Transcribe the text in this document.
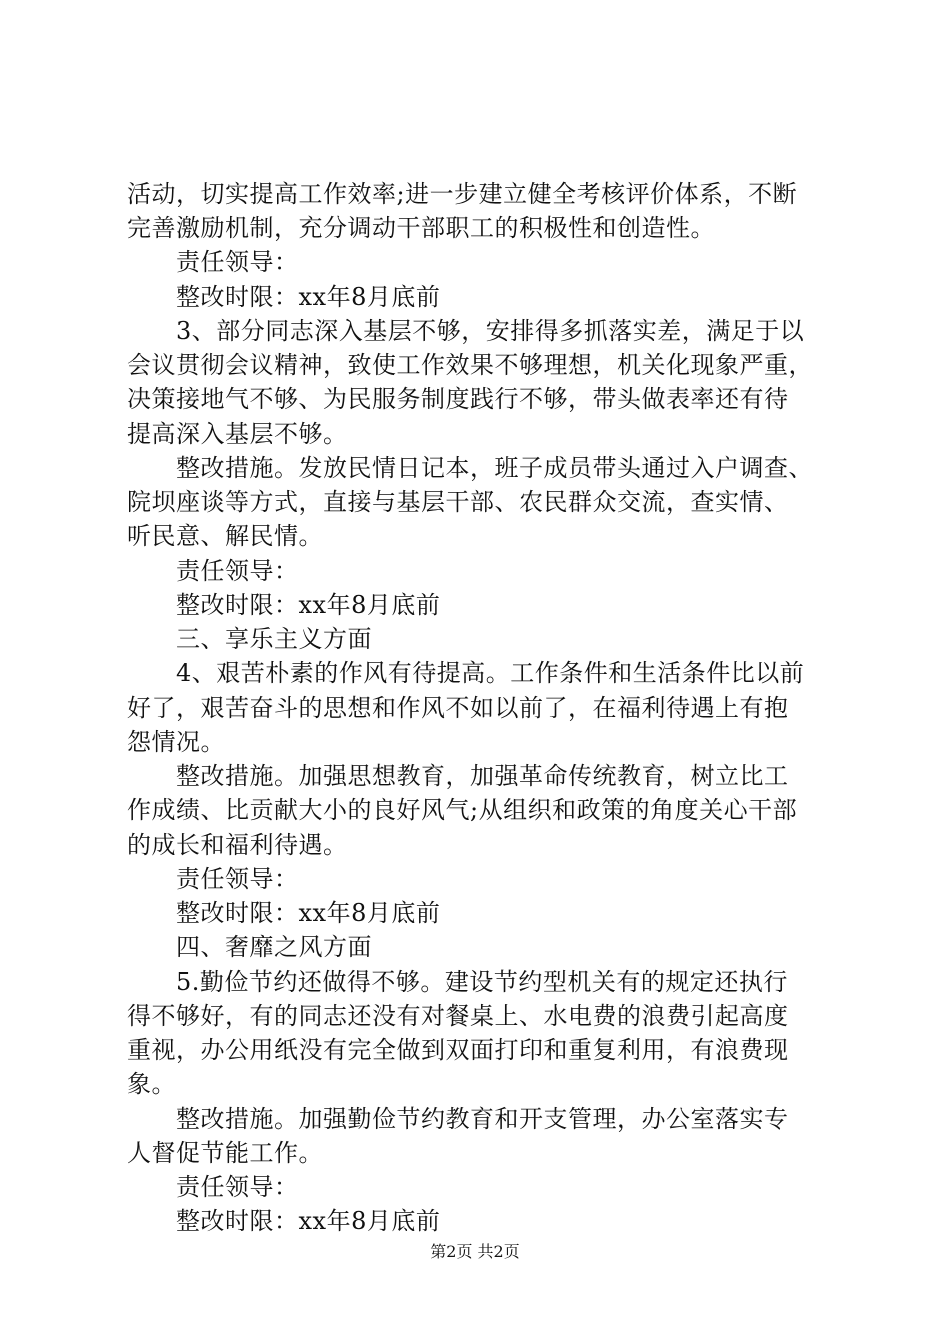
活动，切实提高工作效率;进一步建立健全考核评价体系，不断
完善激励机制，充分调动干部职工的积极性和创造性。
　　责任领导：
　　整改时限：xx年8月底前
　　3、部分同志深入基层不够，安排得多抓落实差，满足于以
会议贯彻会议精神，致使工作效果不够理想，机关化现象严重，
决策接地气不够、为民服务制度践行不够，带头做表率还有待
提高深入基层不够。
　　整改措施。发放民情日记本，班子成员带头通过入户调查、
院坝座谈等方式，直接与基层干部、农民群众交流，查实情、
听民意、解民情。
　　责任领导：
　　整改时限：xx年8月底前
　　三、享乐主义方面
　　4、艰苦朴素的作风有待提高。工作条件和生活条件比以前
好了，艰苦奋斗的思想和作风不如以前了，在福利待遇上有抱
怨情况。
　　整改措施。加强思想教育，加强革命传统教育，树立比工
作成绩、比贡献大小的良好风气;从组织和政策的角度关心干部
的成长和福利待遇。
　　责任领导：
　　整改时限：xx年8月底前
　　四、奢靡之风方面
　　5.勤俭节约还做得不够。建设节约型机关有的规定还执行
得不够好，有的同志还没有对餐桌上、水电费的浪费引起高度
重视，办公用纸没有完全做到双面打印和重复利用，有浪费现
象。
　　整改措施。加强勤俭节约教育和开支管理，办公室落实专
人督促节能工作。
　　责任领导：
　　整改时限：xx年8月底前
第2页 共2页
